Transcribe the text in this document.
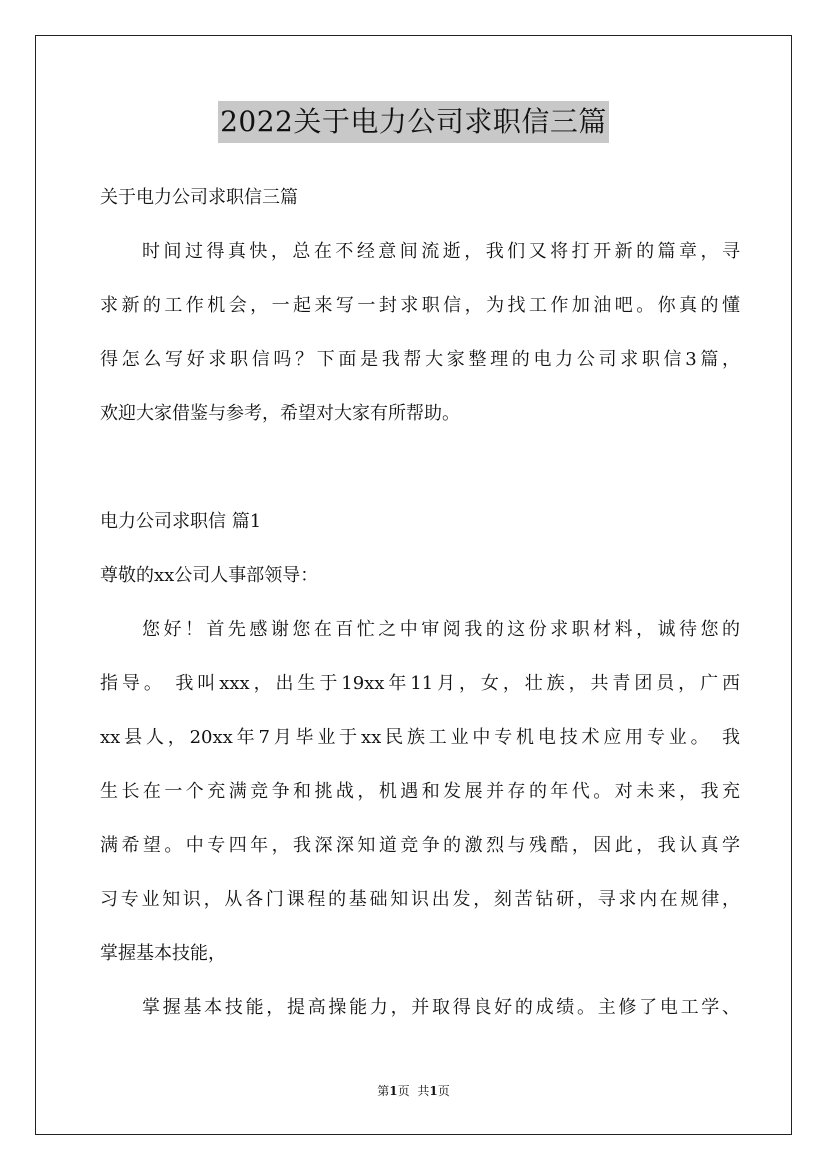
2022关于电力公司求职信三篇
关于电力公司求职信三篇
时间过得真快，总在不经意间流逝，我们又将打开新的篇章，寻
求新的工作机会，一起来写一封求职信，为找工作加油吧。你真的懂
得怎么写好求职信吗？下面是我帮大家整理的电力公司求职信3篇，
欢迎大家借鉴与参考，希望对大家有所帮助。
电力公司求职信 篇1
尊敬的xx公司人事部领导：
您好！首先感谢您在百忙之中审阅我的这份求职材料，诚待您的
指导。 我叫xxx，出生于19xx年11月，女，壮族，共青团员，广西
xx县人，20xx年7月毕业于xx民族工业中专机电技术应用专业。 我
生长在一个充满竞争和挑战，机遇和发展并存的年代。对未来，我充
满希望。中专四年，我深深知道竞争的激烈与残酷，因此，我认真学
习专业知识，从各门课程的基础知识出发，刻苦钻研，寻求内在规律，
掌握基本技能，
掌握基本技能，提高操能力，并取得良好的成绩。主修了电工学、
第1页 共1页
